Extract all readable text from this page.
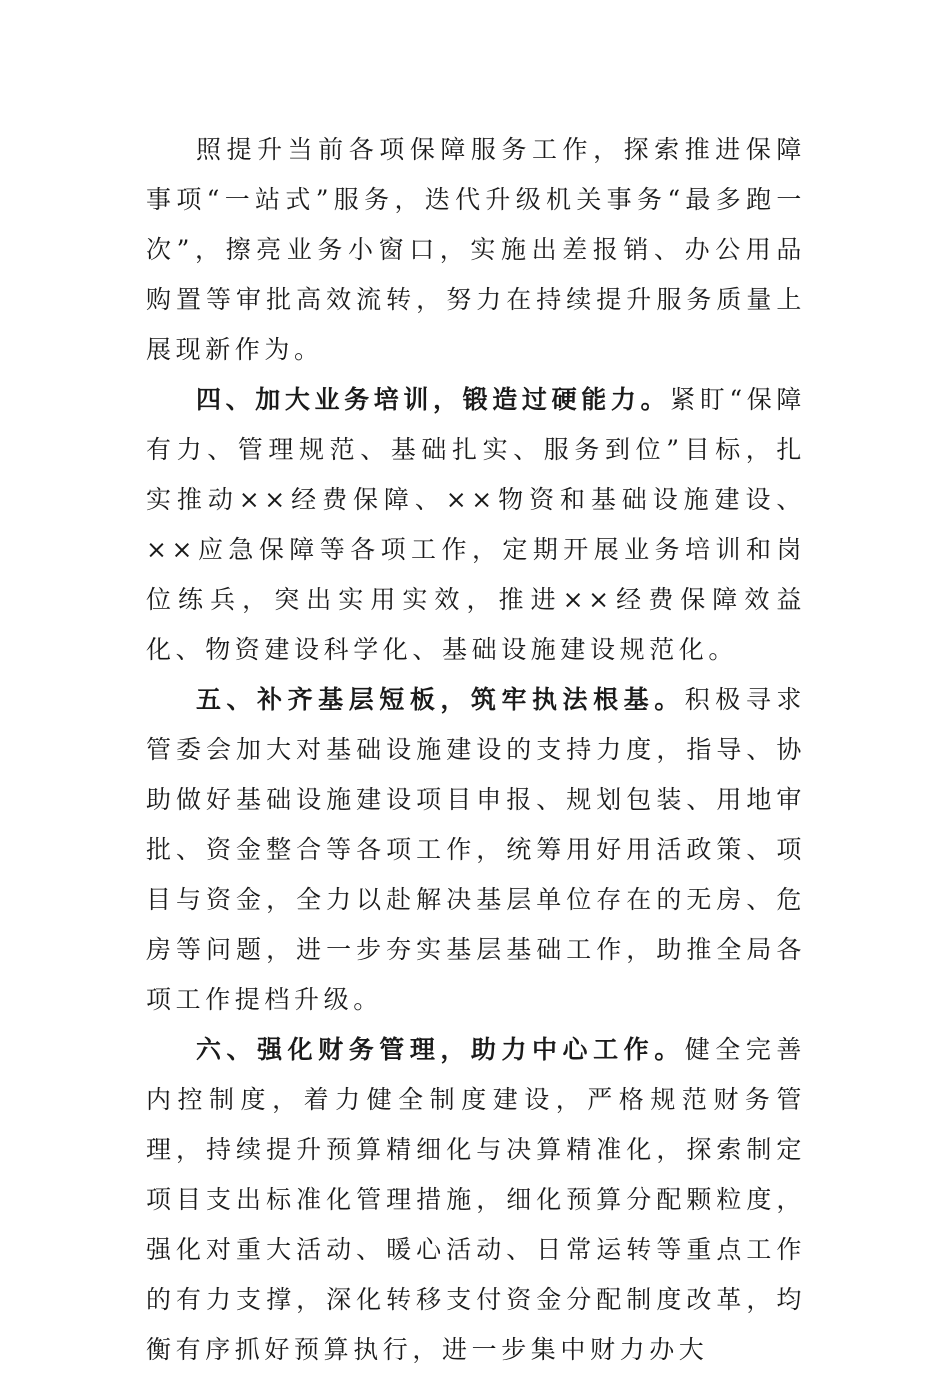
照提升当前各项保障服务工作，探索推进保障事项“一站式”服务，迭代升级机关事务“最多跑一次”，擦亮业务小窗口，实施出差报销、办公用品购置等审批高效流转，努力在持续提升服务质量上展现新作为。

四、加大业务培训，锻造过硬能力。紧盯“保障有力、管理规范、基础扎实、服务到位”目标，扎实推动××经费保障、××物资和基础设施建设、××应急保障等各项工作，定期开展业务培训和岗位练兵，突出实用实效，推进××经费保障效益化、物资建设科学化、基础设施建设规范化。

五、补齐基层短板，筑牢执法根基。积极寻求管委会加大对基础设施建设的支持力度，指导、协助做好基础设施建设项目申报、规划包装、用地审批、资金整合等各项工作，统筹用好用活政策、项目与资金，全力以赴解决基层单位存在的无房、危房等问题，进一步夯实基层基础工作，助推全局各项工作提档升级。

六、强化财务管理，助力中心工作。健全完善内控制度，着力健全制度建设，严格规范财务管理，持续提升预算精细化与决算精准化，探索制定项目支出标准化管理措施，细化预算分配颗粒度，强化对重大活动、暖心活动、日常运转等重点工作的有力支撑，深化转移支付资金分配制度改革，均衡有序抓好预算执行，进一步集中财力办大
